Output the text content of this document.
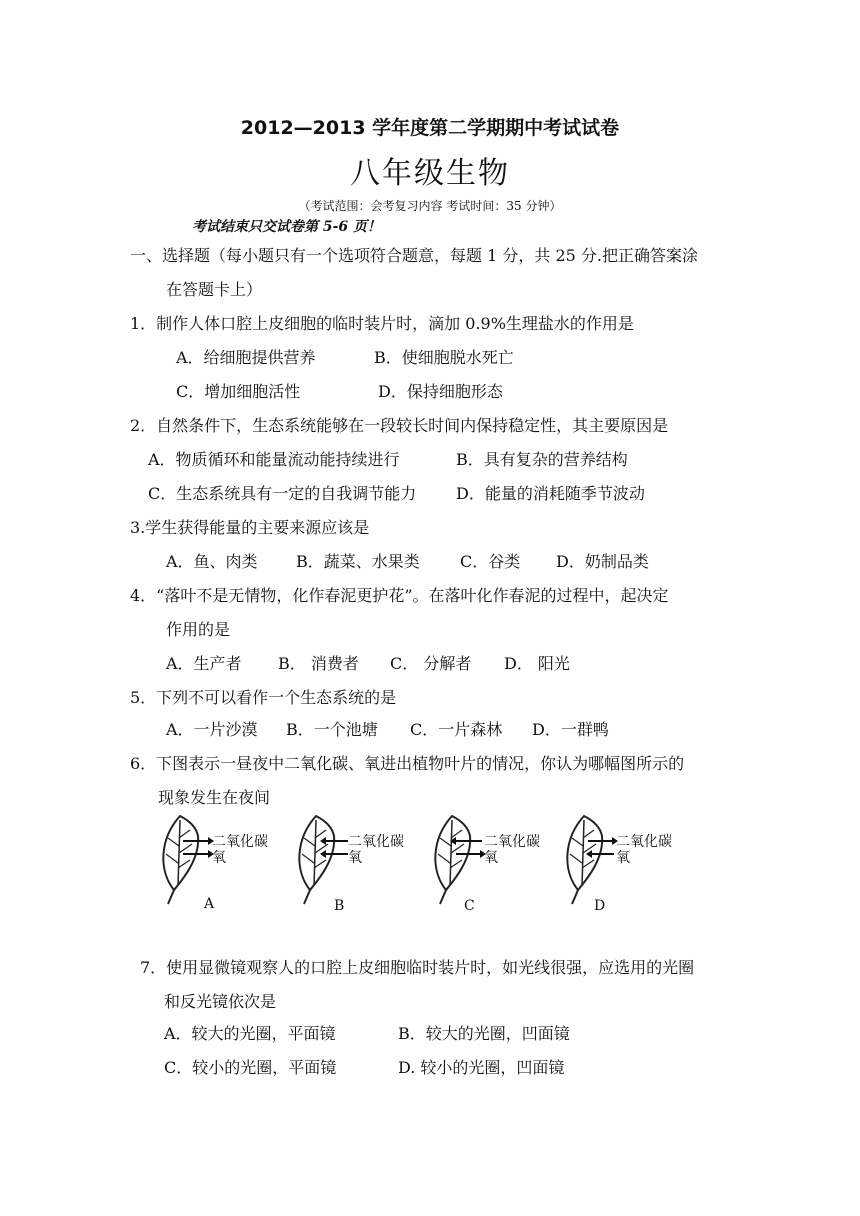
2012—2013 学年度第二学期期中考试试卷
八年级生物
（考试范围：会考复习内容 考试时间：35 分钟）
考试结束只交试卷第 5-6 页！
一、选择题（每小题只有一个选项符合题意，每题 1 分，共 25 分.把正确答案涂
在答题卡上）
1．制作人体口腔上皮细胞的临时装片时，滴加 0.9%生理盐水的作用是
A．给细胞提供营养	B．使细胞脱水死亡
C．增加细胞活性	D．保持细胞形态
2．自然条件下，生态系统能够在一段较长时间内保持稳定性，其主要原因是
A．物质循环和能量流动能持续进行	B．具有复杂的营养结构
C．生态系统具有一定的自我调节能力 D．能量的消耗随季节波动
3.学生获得能量的主要来源应该是
A．鱼、肉类 B．蔬菜、水果类	C．谷类 D．奶制品类
4．“落叶不是无情物，化作春泥更护花”。在落叶化作春泥的过程中，起决定
作用的是
A．生产者 B． 消费者 C． 分解者 D． 阳光
5．下列不可以看作一个生态系统的是
A．一片沙漠 B．一个池塘 C．一片森林 D．一群鸭
6．下图表示一昼夜中二氧化碳、氧进出植物叶片的情况，你认为哪幅图所示的
现象发生在夜间
二氧化碳
氧
A
二氧化碳
氧
B
二氧化碳
氧
C
二氧化碳
氧
D
7．使用显微镜观察人的口腔上皮细胞临时装片时，如光线很强，应选用的光圈
和反光镜依次是
A．较大的光圈，平面镜	B．较大的光圈，凹面镜
C．较小的光圈，平面镜	D. 较小的光圈，凹面镜
